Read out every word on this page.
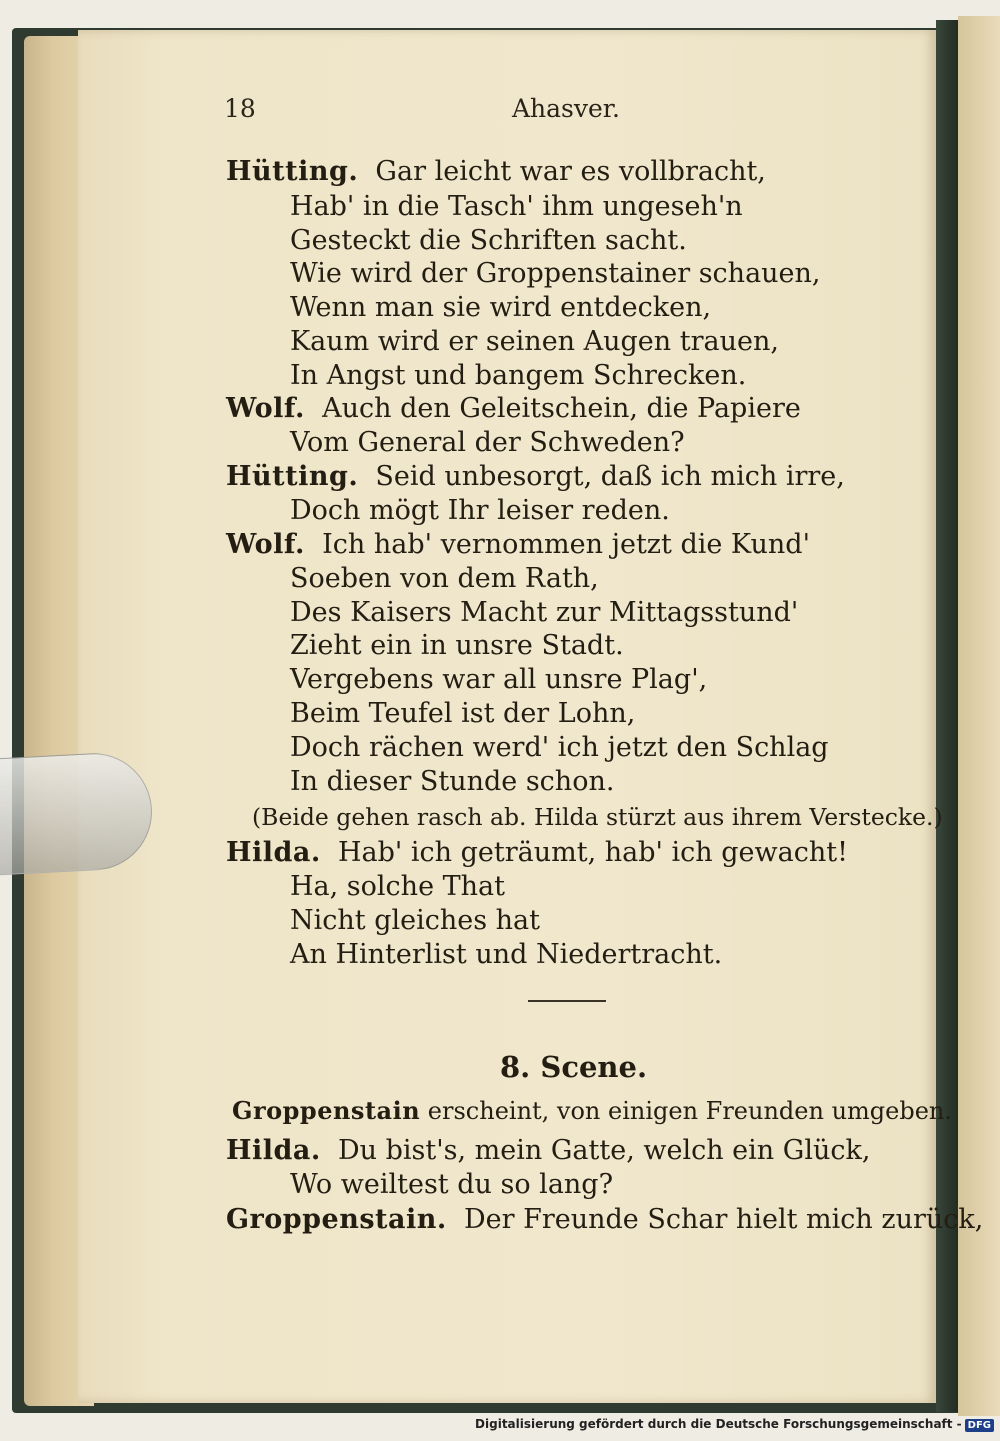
18	Ahasver.
Hütting. Gar leicht war es vollbracht,
Hab' in die Tasch' ihm ungeseh'n
Gesteckt die Schriften sacht.
Wie wird der Groppenstainer schauen,
Wenn man sie wird entdecken,
Kaum wird er seinen Augen trauen,
In Angst und bangem Schrecken.
Wolf. Auch den Geleitschein, die Papiere
Vom General der Schweden?
Hütting. Seid unbesorgt, daß ich mich irre,
Doch mögt Ihr leiser reden.
Wolf. Ich hab' vernommen jetzt die Kund'
Soeben von dem Rath,
Des Kaisers Macht zur Mittagsstund'
Zieht ein in unsre Stadt.
Vergebens war all unsre Plag',
Beim Teufel ist der Lohn,
Doch rächen werd' ich jetzt den Schlag
In dieser Stunde schon.
(Beide gehen rasch ab. Hilda stürzt aus ihrem Verstecke.)
Hilda. Hab' ich geträumt, hab' ich gewacht!
Ha, solche That
Nicht gleiches hat
An Hinterlist und Niedertracht.
Groppenstain erscheint, von einigen Freunden umgeben.
Hilda. Du bist's, mein Gatte, welch ein Glück,
Wo weiltest du so lang?
Groppenstain. Der Freunde Schar hielt mich zurück,
8. Scene.
Digitalisierung gefördert durch die Deutsche Forschungsgemeinschaft - DFG
